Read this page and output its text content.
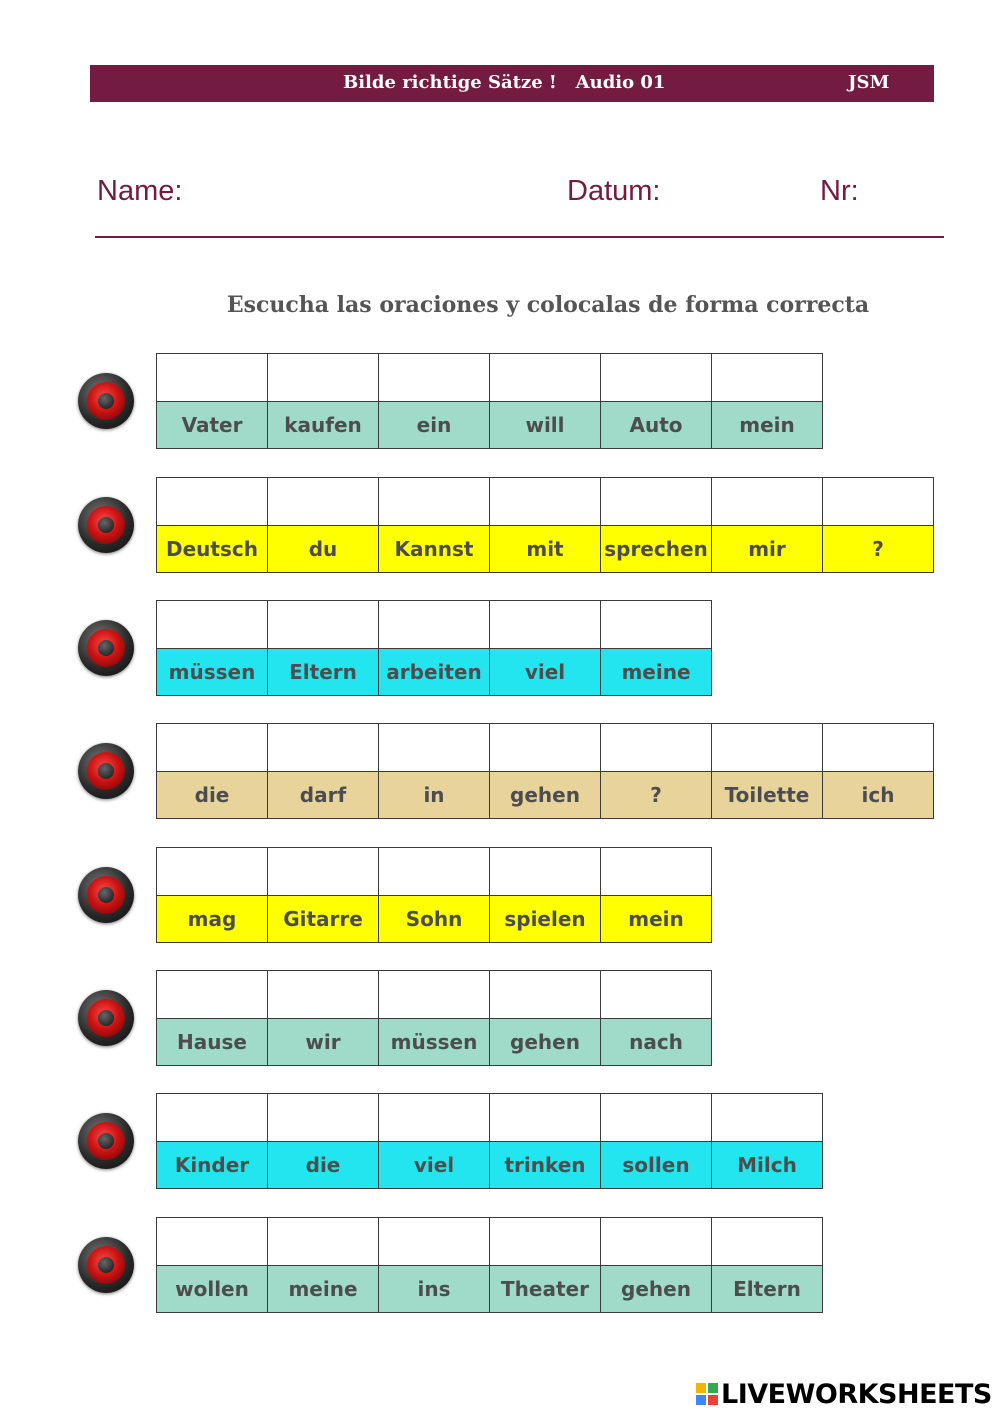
Bilde richtige Sätze !   Audio 01	JSM
Name:	Datum:	Nr:
Escucha las oraciones y colocalas de forma correcta

Vater	kaufen	ein	will	Auto	mein

Deutsch	du	Kannst	mit	sprechen	mir	?

müssen	Eltern	arbeiten	viel	meine

die	darf	in	gehen	?	Toilette	ich

mag	Gitarre	Sohn	spielen	mein

Hause	wir	müssen	gehen	nach

Kinder	die	viel	trinken	sollen	Milch

wollen	meine	ins	Theater	gehen	Eltern
LIVEWORKSHEETS
